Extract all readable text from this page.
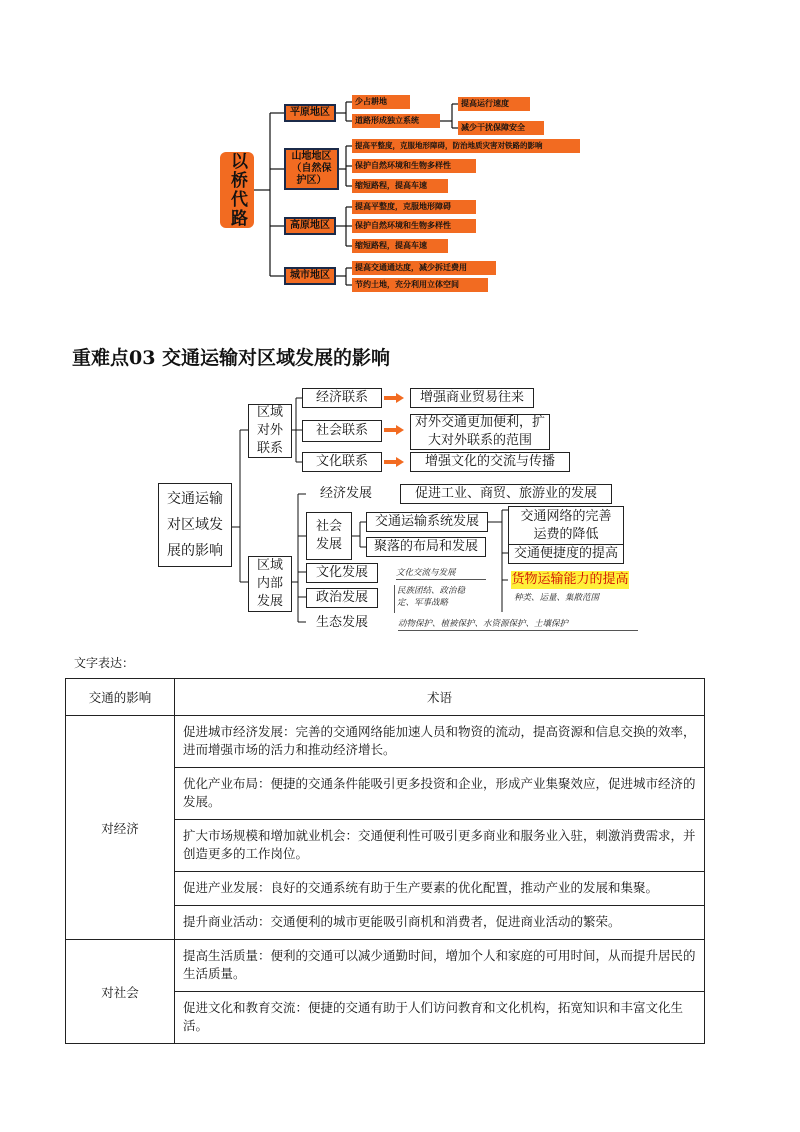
以桥代路
平原地区
山地地区（自然保护区）
高原地区
城市地区
少占耕地
道路形成独立系统
提高运行速度
减少干扰保障安全
提高平整度，克服地形障碍，防治地质灾害对铁路的影响
保护自然环境和生物多样性
缩短路程，提高车速
提高平整度，克服地形障碍
保护自然环境和生物多样性
缩短路程，提高车速
提高交通通达度，减少拆迁费用
节约土地，充分利用立体空间
重难点03 交通运输对区域发展的影响
交通运输对区域发展的影响
区域对外联系
经济联系
社会联系
文化联系
增强商业贸易往来
对外交通更加便利，扩大对外联系的范围
增强文化的交流与传播
区域内部发展
经济发展	促进工业、商贸、旅游业的发展
社会发展
交通运输系统发展
聚落的布局和发展
交通网络的完善
运费的降低
交通便捷度的提高
货物运输能力的提高
种类、运量、集散范围
文化发展	文化交流与发展
政治发展	民族团结、政治稳定、军事战略
生态发展	动物保护、植被保护、水资源保护、土壤保护
文字表达：
交通的影响	术语
对经济	促进城市经济发展：完善的交通网络能加速人员和物资的流动，提高资源和信息交换的效率，进而增强市场的活力和推动经济增长。
	优化产业布局：便捷的交通条件能吸引更多投资和企业，形成产业集聚效应，促进城市经济的发展。
	扩大市场规模和增加就业机会：交通便利性可吸引更多商业和服务业入驻，刺激消费需求，并创造更多的工作岗位。
	促进产业发展：良好的交通系统有助于生产要素的优化配置，推动产业的发展和集聚。
	提升商业活动：交通便利的城市更能吸引商机和消费者，促进商业活动的繁荣。
对社会	提高生活质量：便利的交通可以减少通勤时间，增加个人和家庭的可用时间，从而提升居民的生活质量。
	促进文化和教育交流：便捷的交通有助于人们访问教育和文化机构，拓宽知识和丰富文化生活。
